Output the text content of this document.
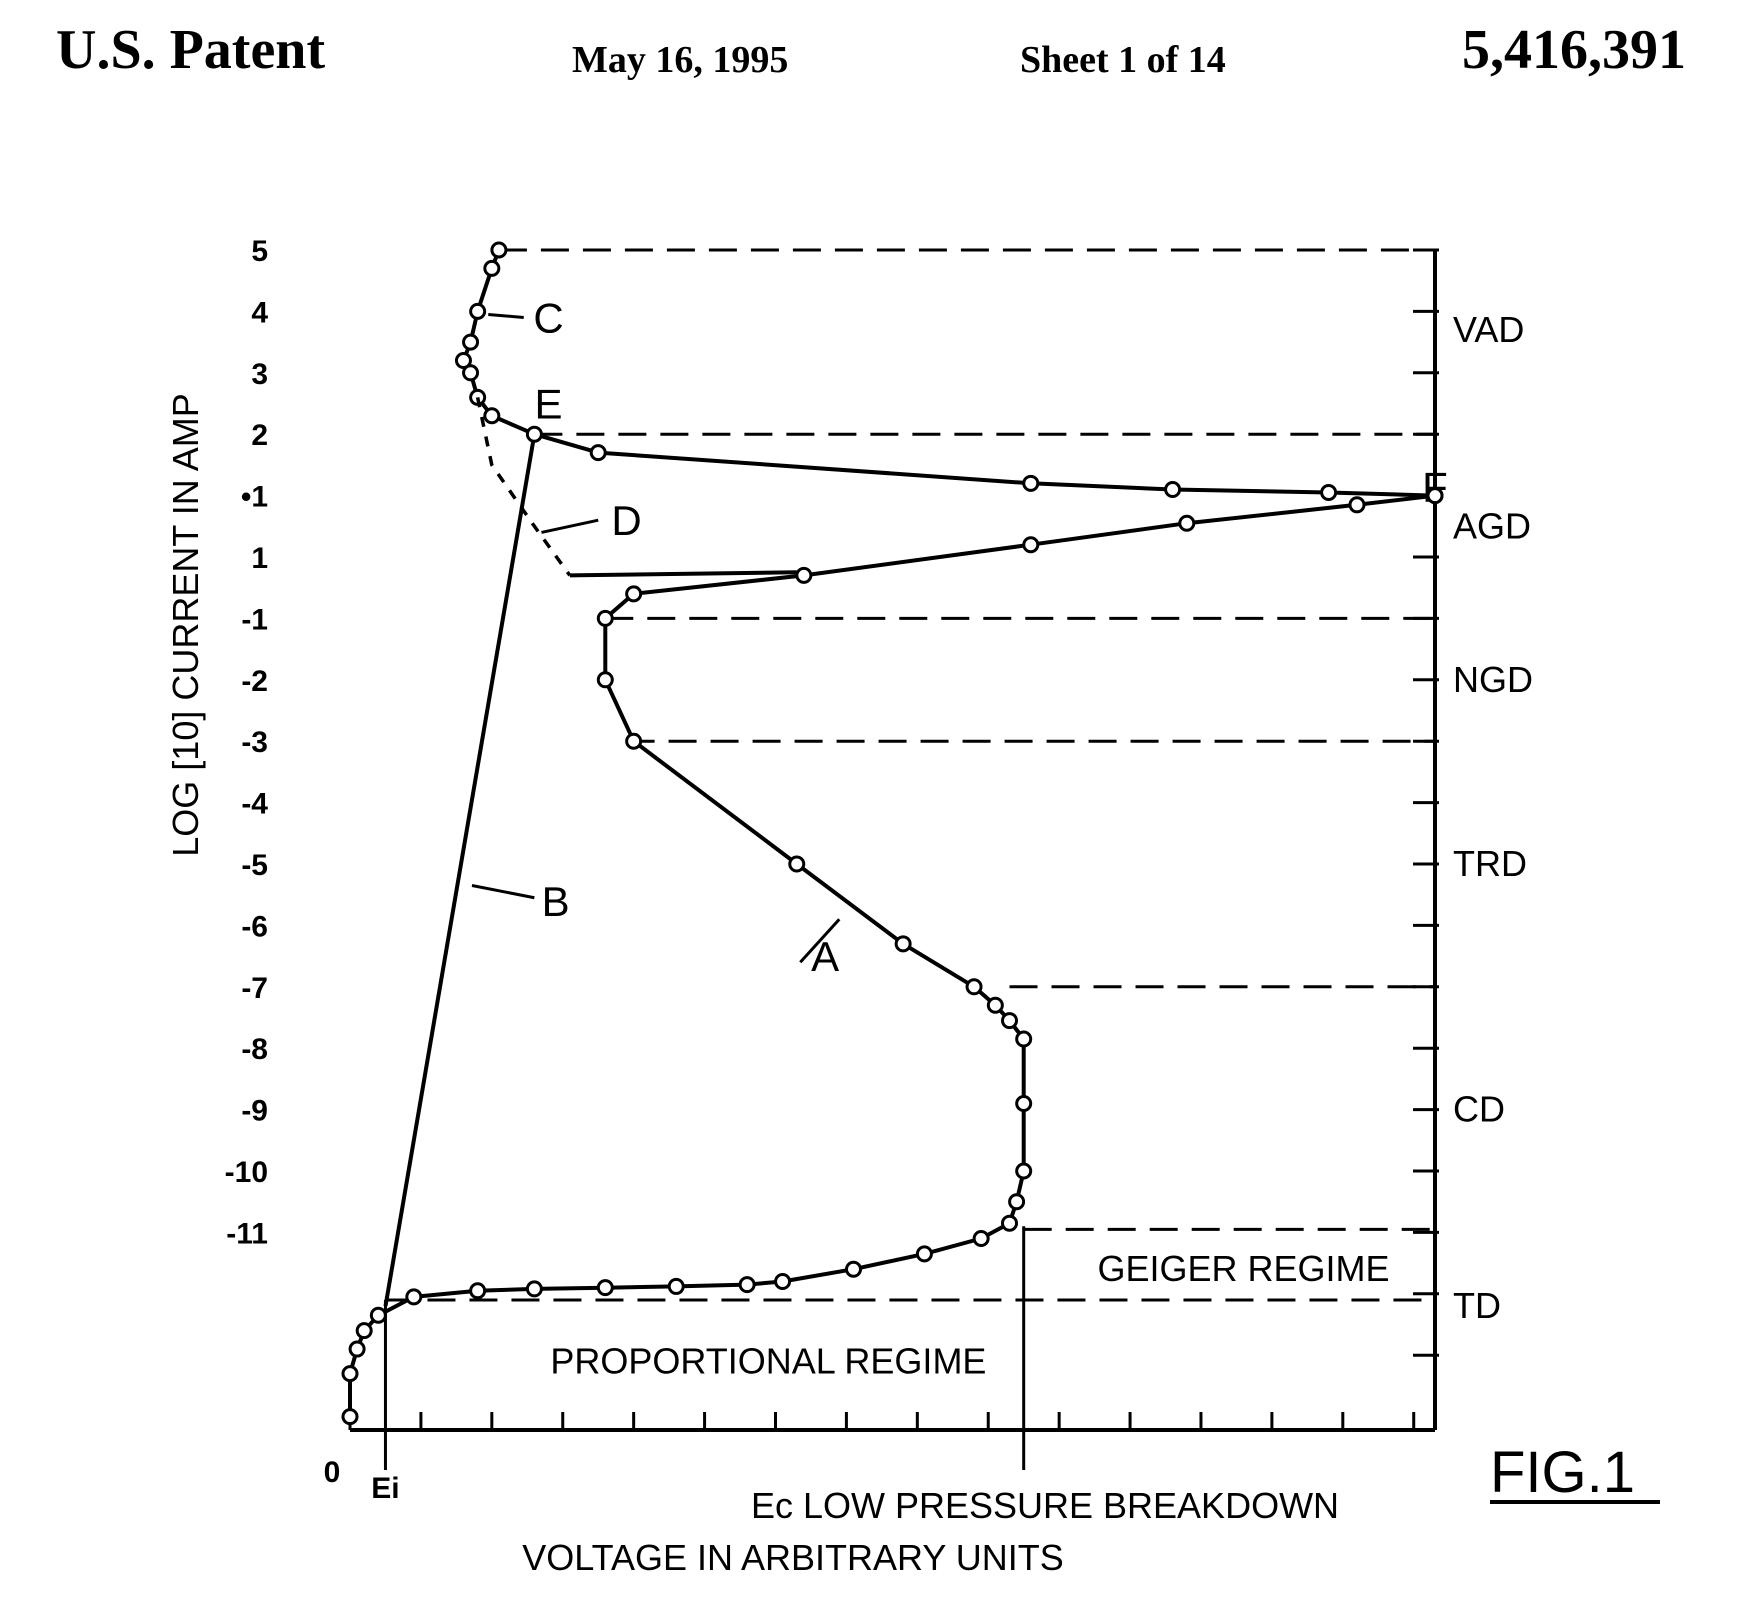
U.S. Patent	May 16, 1995	Sheet 1 of 14	5,416,391
5
4
3
2
•1
1
-1
-2
-3
-4
-5
-6
-7
-8
-9
-10
-11
0 Ei
VAD
AGD
NGD
TRD
CD
TD
GEIGER REGIME
PROPORTIONAL REGIME
A
B
C
D
E
F
LOG [10] CURRENT IN AMP
Ec LOW PRESSURE BREAKDOWN
VOLTAGE IN ARBITRARY UNITS
FIG.1
